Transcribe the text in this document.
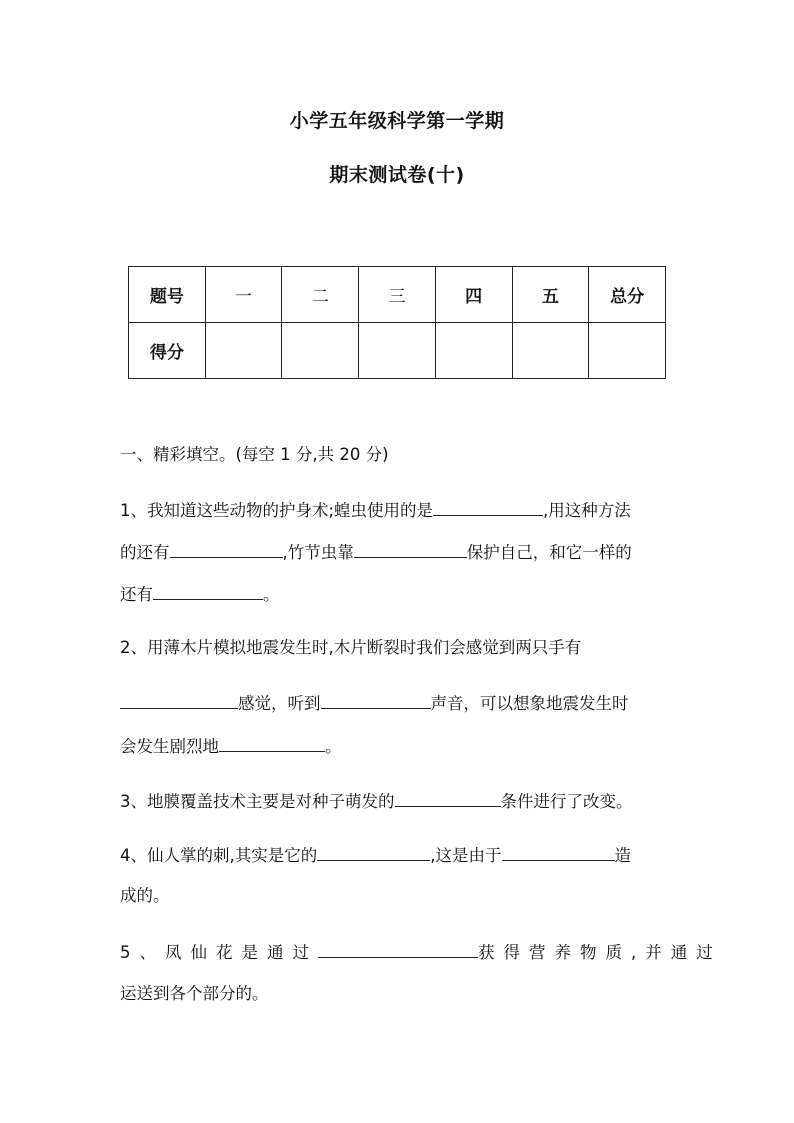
小学五年级科学第一学期
期末测试卷(十)
题号	一	二	三	四	五	总分
得分						
一、精彩填空。(每空 1 分,共 20 分)
1、我知道这些动物的护身术;蝗虫使用的是	,用这种方法
的还有	,竹节虫靠	保护自己，和它一样的
还有	。
2、用薄木片模拟地震发生时,木片断裂时我们会感觉到两只手有
感觉，听到	声音，可以想象地震发生时
会发生剧烈地	。
3、地膜覆盖技术主要是对种子萌发的	条件进行了改变。
4、仙人掌的刺,其实是它的	,这是由于	造
成的。
5、凤仙花是通过	获得营养物质,并通过
运送到各个部分的。
